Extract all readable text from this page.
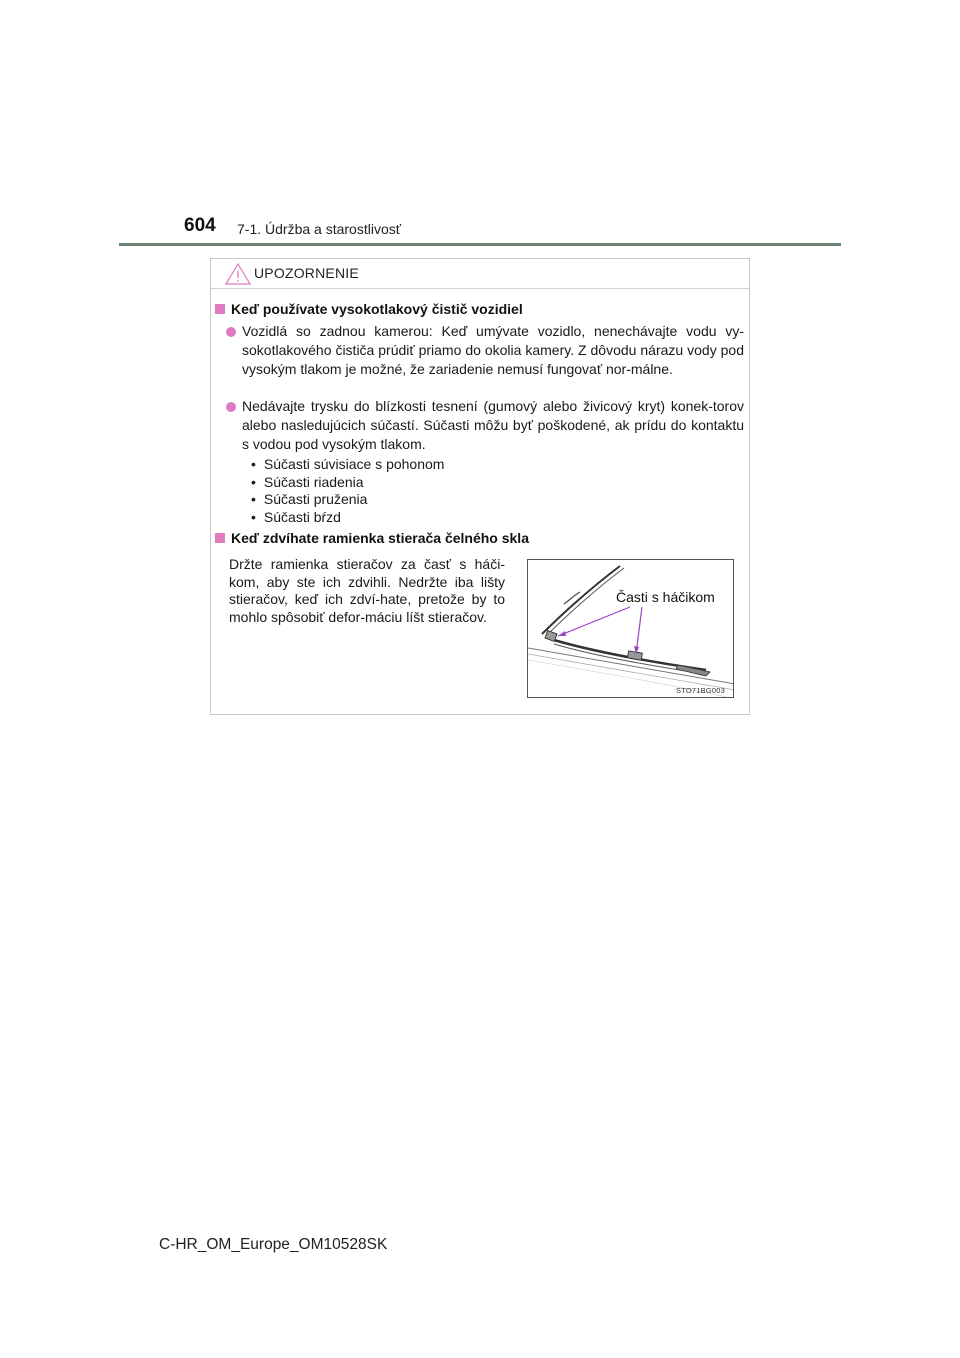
604 7-1. Údržba a starostlivosť
UPOZORNENIE
Keď používate vysokotlakový čistič vozidiel
Vozidlá so zadnou kamerou: Keď umývate vozidlo, nenechávajte vodu vy-sokotlakového čističa prúdiť priamo do okolia kamery. Z dôvodu nárazu vody pod vysokým tlakom je možné, že zariadenie nemusí fungovať nor-málne.
Nedávajte trysku do blízkosti tesnení (gumový alebo živicový kryt) konek-torov alebo nasledujúcich súčastí. Súčasti môžu byť poškodené, ak prídu do kontaktu s vodou pod vysokým tlakom.
• Súčasti súvisiace s pohonom
• Súčasti riadenia
• Súčasti pruženia
• Súčasti bŕzd
Keď zdvíhate ramienka stierača čelného skla
Držte ramienka stieračov za časť s háči-kom, aby ste ich zdvihli. Nedržte iba lišty stieračov, keď ich zdví-hate, pretože by to mohlo spôsobiť defor-máciu líšt stieračov.
Časti s háčikom
STO71BG003
C-HR_OM_Europe_OM10528SK
